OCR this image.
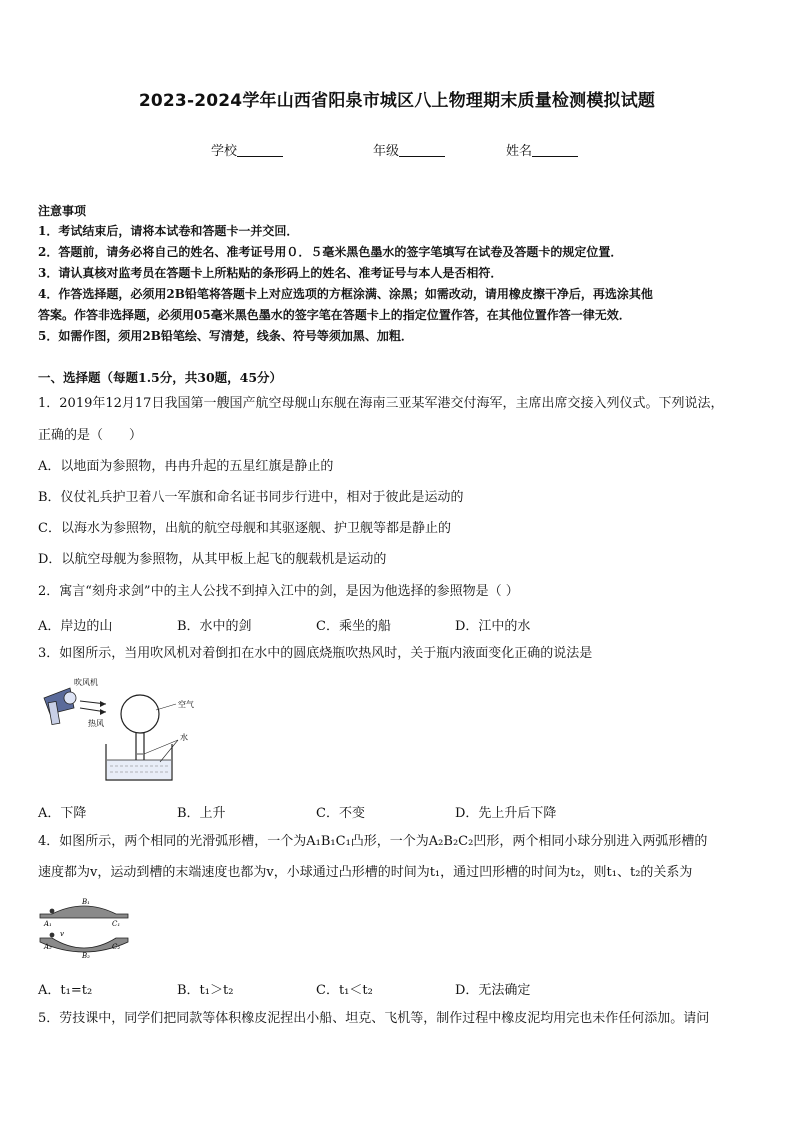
2023-2024学年山西省阳泉市城区八上物理期末质量检测模拟试题
学校	年级	姓名
注意事项
1．考试结束后，请将本试卷和答题卡一并交回．
2．答题前，请务必将自己的姓名、准考证号用０．５毫米黑色墨水的签字笔填写在试卷及答题卡的规定位置．
3．请认真核对监考员在答题卡上所粘贴的条形码上的姓名、准考证号与本人是否相符．
4．作答选择题，必须用2B铅笔将答题卡上对应选项的方框涂满、涂黑；如需改动，请用橡皮擦干净后，再选涂其他
答案。作答非选择题，必须用05毫米黑色墨水的签字笔在答题卡上的指定位置作答，在其他位置作答一律无效．
5．如需作图，须用2B铅笔绘、写清楚，线条、符号等须加黑、加粗．
一、选择题（每题1.5分，共30题，45分）
1．2019年12月17日我国第一艘国产航空母舰山东舰在海南三亚某军港交付海军，主席出席交接入列仪式。下列说法，
正确的是（　　）
A．以地面为参照物，冉冉升起的五星红旗是静止的
B．仪仗礼兵护卫着八一军旗和命名证书同步行进中，相对于彼此是运动的
C．以海水为参照物，出航的航空母舰和其驱逐舰、护卫舰等都是静止的
D．以航空母舰为参照物，从其甲板上起飞的舰载机是运动的
2．寓言“刻舟求剑”中的主人公找不到掉入江中的剑，是因为他选择的参照物是（ ）
A．岸边的山	B．水中的剑	C．乘坐的船	D．江中的水
3．如图所示，当用吹风机对着倒扣在水中的圆底烧瓶吹热风时，关于瓶内液面变化正确的说法是
吹风机
热风
空气
水
A．下降	B．上升	C．不变	D．先上升后下降
4．如图所示，两个相同的光滑弧形槽，一个为A₁B₁C₁凸形，一个为A₂B₂C₂凹形，两个相同小球分别进入两弧形槽的
速度都为v，运动到槽的末端速度也都为v，小球通过凸形槽的时间为t₁，通过凹形槽的时间为t₂，则t₁、t₂的关系为
A₁
B₁
C₁
v
A₂
B₂
C₂
A．t₁=t₂	B．t₁＞t₂	C．t₁＜t₂	D．无法确定
5．劳技课中，同学们把同款等体积橡皮泥捏出小船、坦克、飞机等，制作过程中橡皮泥均用完也未作任何添加。请问
